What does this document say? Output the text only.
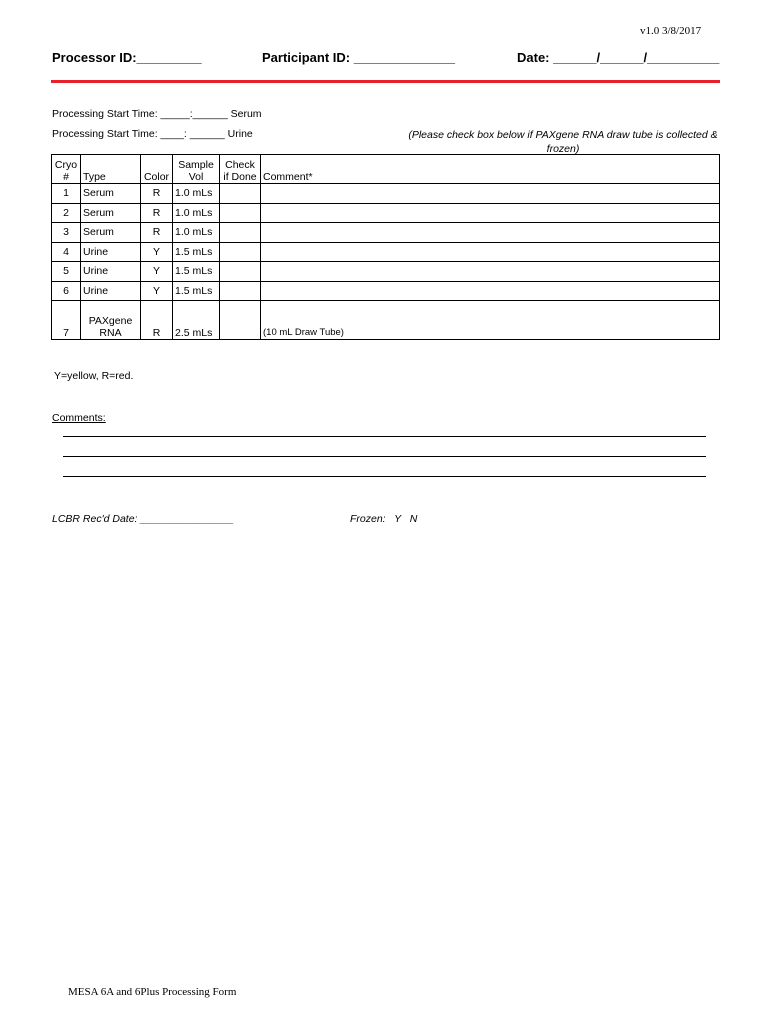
v1.0 3/8/2017
Processor ID:_________	Participant ID: ______________	Date: ______/______/__________
Processing Start Time: _____:______ Serum
Processing Start Time: ____: ______ Urine	(Please check box below if PAXgene RNA draw tube is collected & frozen)
Cryo #	Type	Color	Sample Vol	Check if Done	Comment*
1	Serum	R	1.0 mLs		
2	Serum	R	1.0 mLs		
3	Serum	R	1.0 mLs		
4	Urine	Y	1.5 mLs		
5	Urine	Y	1.5 mLs		
6	Urine	Y	1.5 mLs		
7	PAXgene RNA	R	2.5 mLs		(10 mL Draw Tube)
Y=yellow, R=red.
Comments:
LCBR Rec'd Date: ________________	Frozen:   Y   N
MESA 6A and 6Plus Processing Form
